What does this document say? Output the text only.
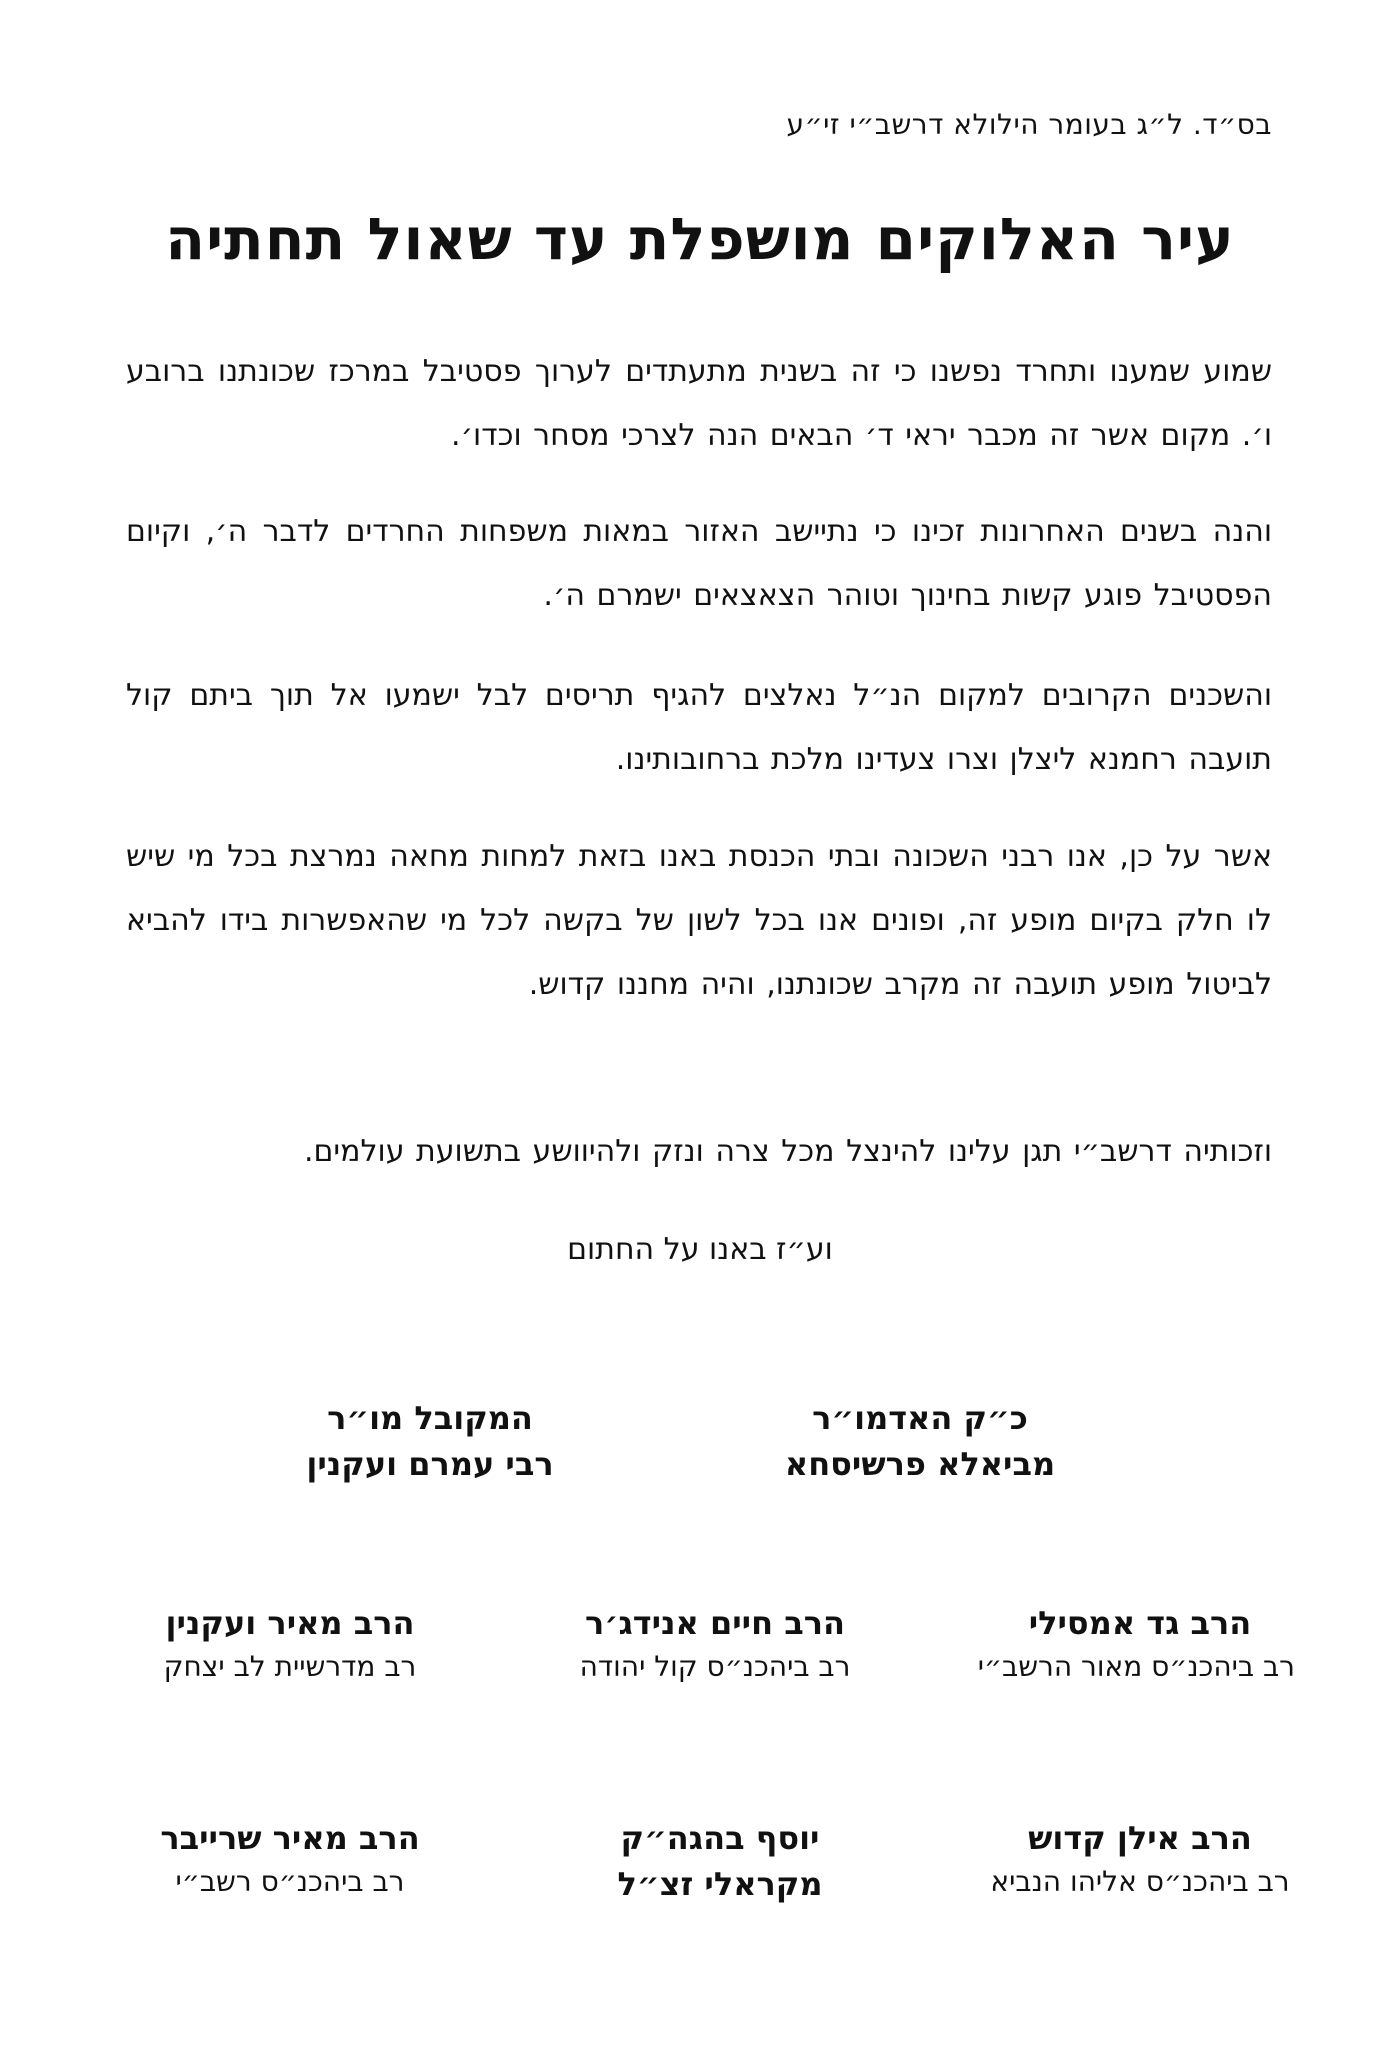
בס״ד. ל״ג בעומר הילולא דרשב״י זי״ע
עיר האלוקים מושפלת עד שאול תחתיה
שמוע שמענו ותחרד נפשנו כי זה בשנית מתעתדים לערוך פסטיבל במרכז שכונתנו ברובע ו׳. מקום אשר זה מכבר יראי ד׳ הבאים הנה לצרכי מסחר וכדו׳.
והנה בשנים האחרונות זכינו כי נתיישב האזור במאות משפחות החרדים לדבר ה׳, וקיום הפסטיבל פוגע קשות בחינוך וטוהר הצאצאים ישמרם ה׳.
והשכנים הקרובים למקום הנ״ל נאלצים להגיף תריסים לבל ישמעו אל תוך ביתם קול תועבה רחמנא ליצלן וצרו צעדינו מלכת ברחובותינו.
אשר על כן, אנו רבני השכונה ובתי הכנסת באנו בזאת למחות מחאה נמרצת בכל מי שיש לו חלק בקיום מופע זה, ופונים אנו בכל לשון של בקשה לכל מי שהאפשרות בידו להביא לביטול מופע תועבה זה מקרב שכונתנו, והיה מחננו קדוש.
וזכותיה דרשב״י תגן עלינו להינצל מכל צרה ונזק ולהיוושע בתשועת עולמים.
וע״ז באנו על החתום
כ״ק האדמו״ר
מביאלא פרשיסחא
המקובל מו״ר
רבי עמרם ועקנין
הרב גד אמסילי
רב ביהכנ״ס מאור הרשב״י
הרב חיים אנידג׳ר
רב ביהכנ״ס קול יהודה
הרב מאיר ועקנין
רב מדרשיית לב יצחק
הרב אילן קדוש
רב ביהכנ״ס אליהו הנביא
יוסף בהגה״ק
מקראלי זצ״ל
הרב מאיר שרייבר
רב ביהכנ״ס רשב״י
